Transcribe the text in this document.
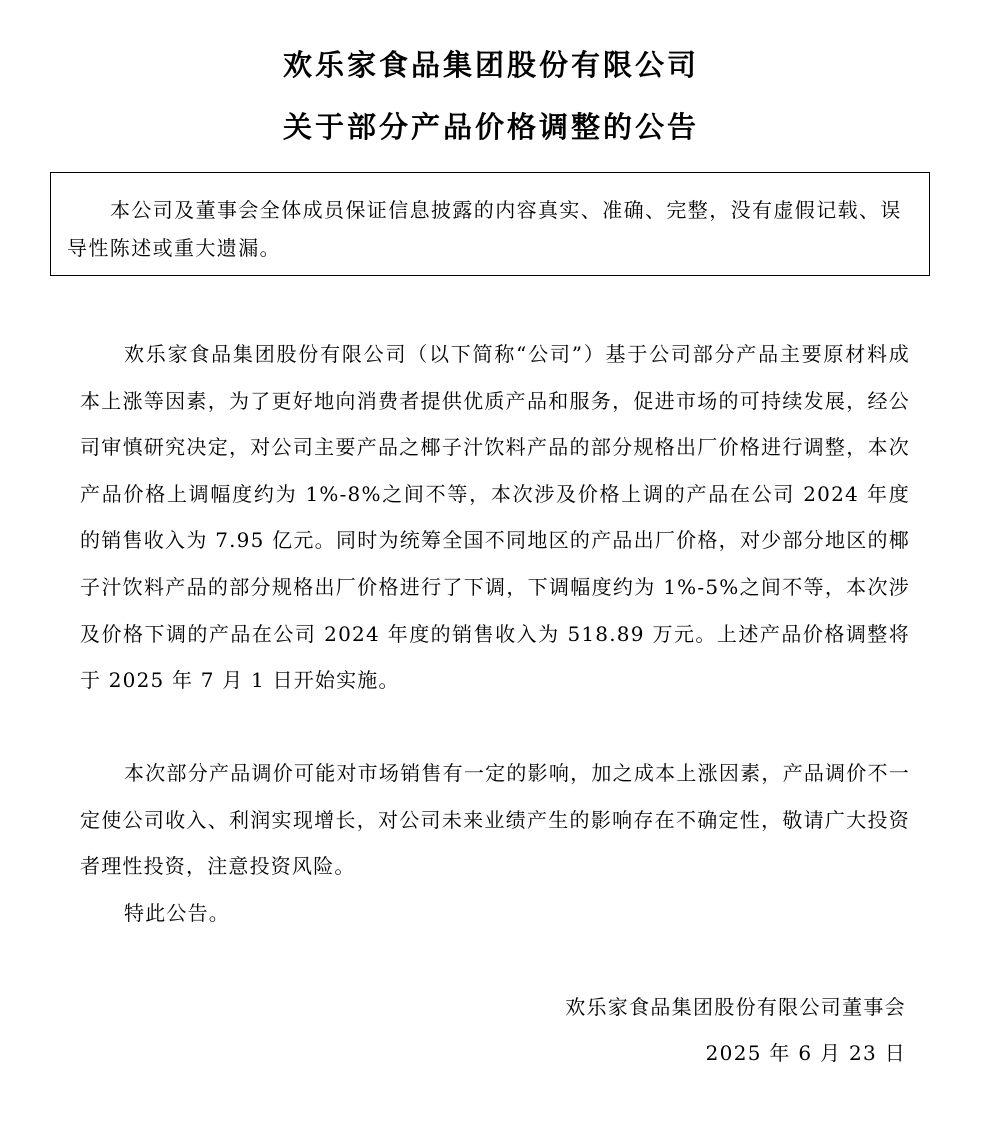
欢乐家食品集团股份有限公司
关于部分产品价格调整的公告

本公司及董事会全体成员保证信息披露的内容真实、准确、完整，没有虚假记载、误导性陈述或重大遗漏。

欢乐家食品集团股份有限公司（以下简称“公司”）基于公司部分产品主要原材料成本上涨等因素，为了更好地向消费者提供优质产品和服务，促进市场的可持续发展，经公司审慎研究决定，对公司主要产品之椰子汁饮料产品的部分规格出厂价格进行调整，本次产品价格上调幅度约为 1%-8%之间不等，本次涉及价格上调的产品在公司 2024 年度的销售收入为 7.95 亿元。同时为统筹全国不同地区的产品出厂价格，对少部分地区的椰子汁饮料产品的部分规格出厂价格进行了下调，下调幅度约为 1%-5%之间不等，本次涉及价格下调的产品在公司 2024 年度的销售收入为 518.89 万元。上述产品价格调整将于 2025 年 7 月 1 日开始实施。

本次部分产品调价可能对市场销售有一定的影响，加之成本上涨因素，产品调价不一定使公司收入、利润实现增长，对公司未来业绩产生的影响存在不确定性，敬请广大投资者理性投资，注意投资风险。

特此公告。

欢乐家食品集团股份有限公司董事会
2025 年 6 月 23 日
